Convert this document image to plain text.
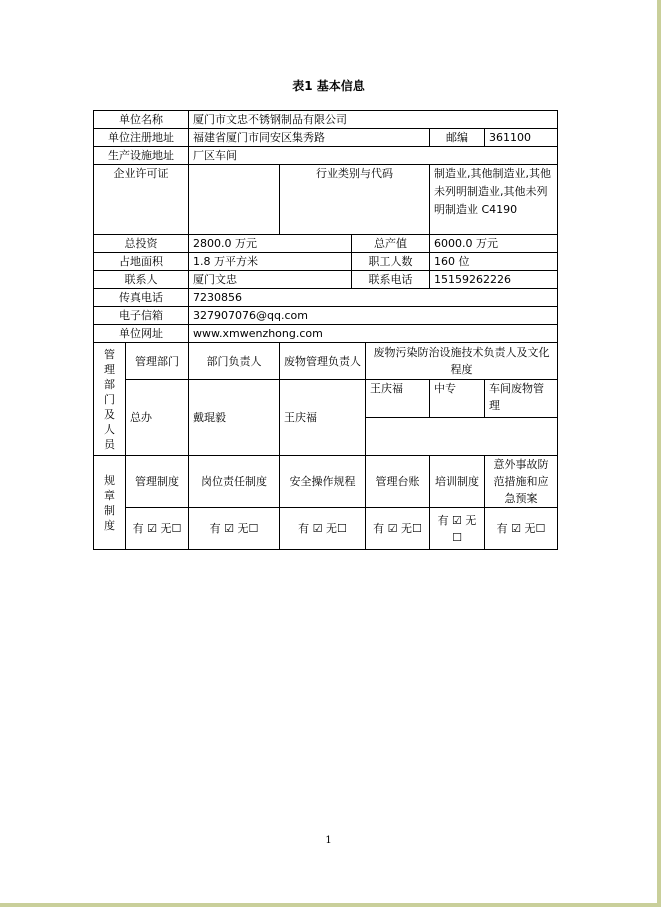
表1 基本信息
单位名称		厦门市文忠不锈钢制品有限公司					
单位注册地址		福建省厦门市同安区集秀路				邮编	361100
生产设施地址		厂区车间					
企业许可证			行业类别与代码			制造业,其他制造业,其他未列明制造业,其他未列明制造业 C4190	
总投资		2800.0 万元		总产值		6000.0 万元	
占地面积		1.8 万平方米		职工人数		160 位	
联系人		厦门文忠		联系电话		15159262226	
传真电话		7230856					
电子信箱		327907076@qq.com					
单位网址		www.xmwenzhong.com					

管理部门及人员	管理部门	部门负责人	废物管理负责人		废物污染防治设施技术负责人及文化程度		
	总办	戴琨毅	王庆福		王庆福	中专	车间废物管理

规章制度	管理制度	岗位责任制度	安全操作规程		管理台账	培训制度	意外事故防范措施和应急预案
	有 ☑ 无☐	有 ☑ 无☐	有 ☑ 无☐		有 ☑ 无☐	有 ☑ 无☐	有 ☑ 无☐
1
